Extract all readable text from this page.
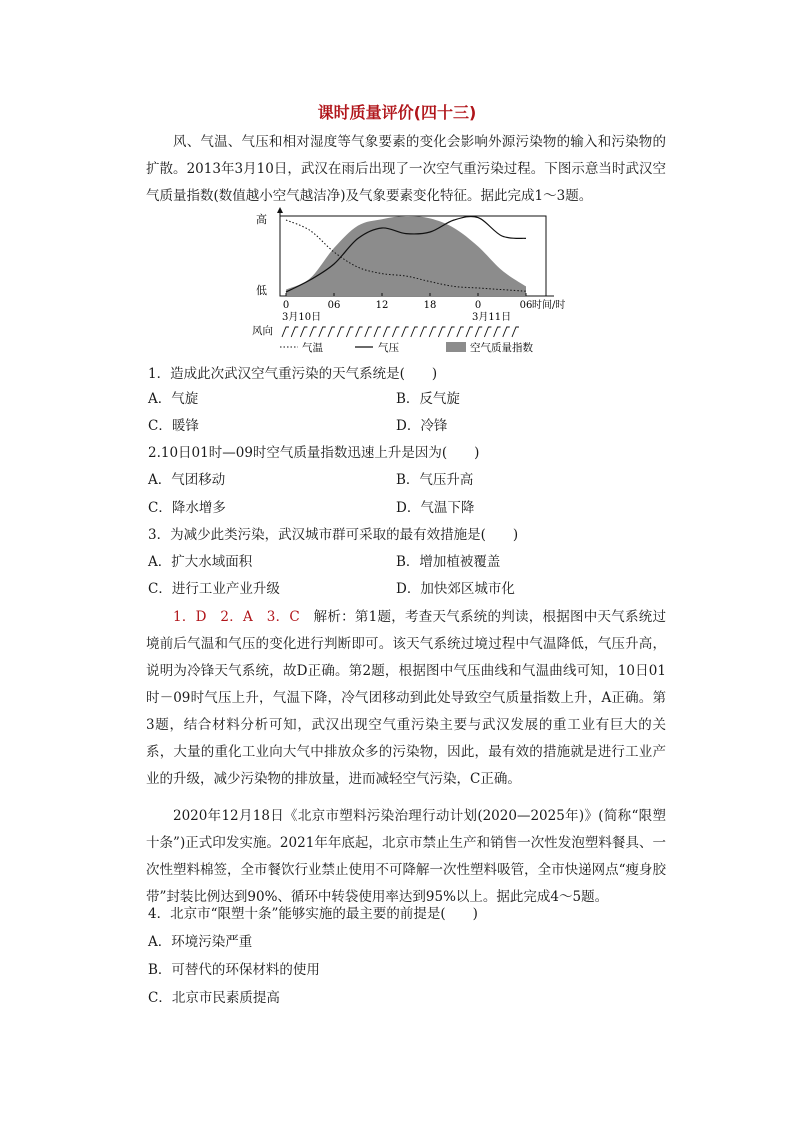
课时质量评价(四十三)
风、气温、气压和相对湿度等气象要素的变化会影响外源污染物的输入和污染物的扩散。2013年3月10日，武汉在雨后出现了一次空气重污染过程。下图示意当时武汉空气质量指数(数值越小空气越洁净)及气象要素变化特征。据此完成1～3题。
高
低
0	06	12	18	0	06 时间/时
3月10日	3月11日
风向
气温	气压	空气质量指数
1．造成此次武汉空气重污染的天气系统是(　　)
A．气旋	B．反气旋
C．暖锋	D．冷锋
2.10日01时—09时空气质量指数迅速上升是因为(　　)
A．气团移动	B．气压升高
C．降水增多	D．气温下降
3．为减少此类污染，武汉城市群可采取的最有效措施是(　　)
A．扩大水域面积	B．增加植被覆盖
C．进行工业产业升级	D．加快郊区城市化
1．D　2．A　3．C　解析：第1题，考查天气系统的判读，根据图中天气系统过境前后气温和气压的变化进行判断即可。该天气系统过境过程中气温降低，气压升高，说明为冷锋天气系统，故D正确。第2题，根据图中气压曲线和气温曲线可知，10日01时－09时气压上升，气温下降，冷气团移动到此处导致空气质量指数上升，A正确。第3题，结合材料分析可知，武汉出现空气重污染主要与武汉发展的重工业有巨大的关系，大量的重化工业向大气中排放众多的污染物，因此，最有效的措施就是进行工业产业的升级，减少污染物的排放量，进而减轻空气污染，C正确。
2020年12月18日《北京市塑料污染治理行动计划(2020—2025年)》(简称“限塑十条”)正式印发实施。2021年年底起，北京市禁止生产和销售一次性发泡塑料餐具、一次性塑料棉签，全市餐饮行业禁止使用不可降解一次性塑料吸管，全市快递网点“瘦身胶带”封装比例达到90%、循环中转袋使用率达到95%以上。据此完成4～5题。
4．北京市“限塑十条”能够实施的最主要的前提是(　　)
A．环境污染严重
B．可替代的环保材料的使用
C．北京市民素质提高
